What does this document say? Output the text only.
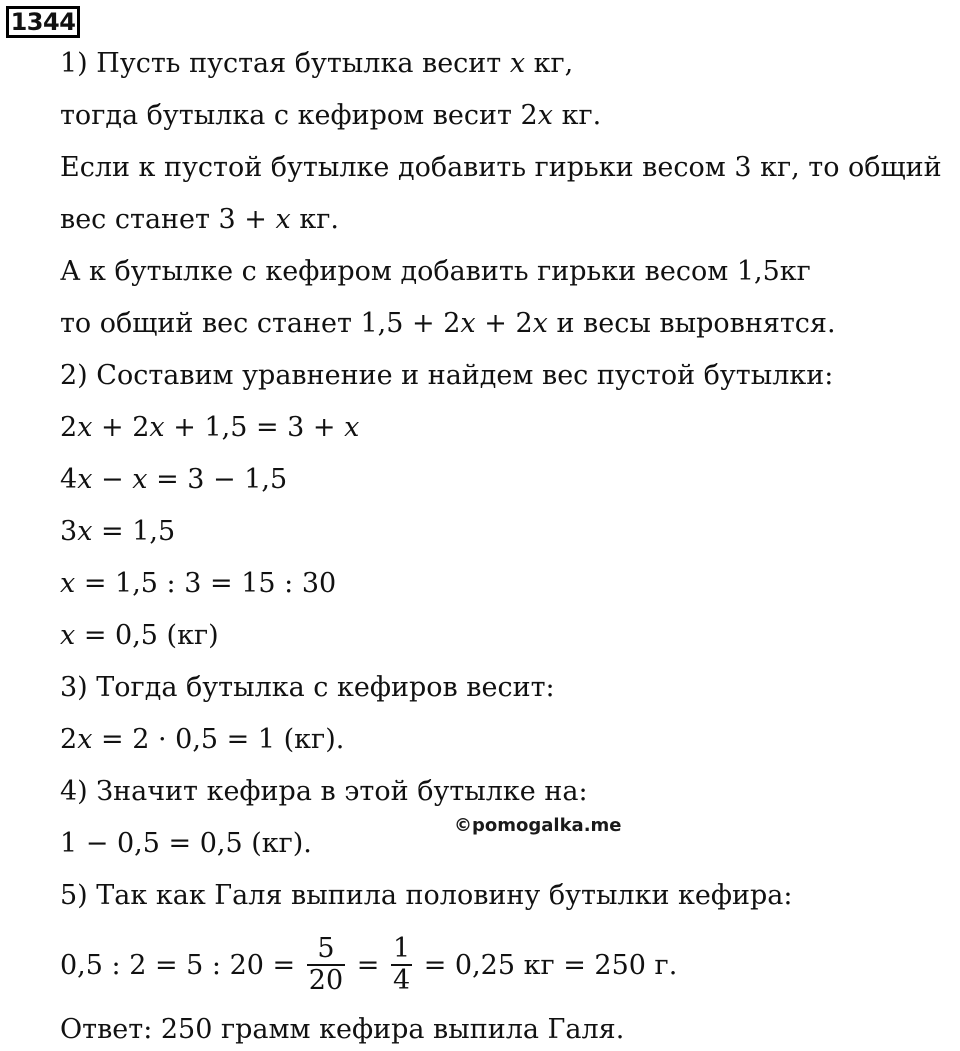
1344
1) Пусть пустая бутылка весит x кг,
тогда бутылка с кефиром весит 2x кг.
Если к пустой бутылке добавить гирьки весом 3 кг, то общий
вес станет 3 + x кг.
А к бутылке с кефиром добавить гирьки весом 1,5кг
то общий вес станет 1,5 + 2x + 2x и весы выровнятся.
2) Составим уравнение и найдем вес пустой бутылки:
2x + 2x + 1,5 = 3 + x
4x − x = 3 − 1,5
3x = 1,5
x = 1,5 : 3 = 15 : 30
x = 0,5 (кг)
3) Тогда бутылка с кефиров весит:
2x = 2 · 0,5 = 1 (кг).
4) Значит кефира в этой бутылке на:
1 − 0,5 = 0,5 (кг).
©pomogalka.me
5) Так как Галя выпила половину бутылки кефира:
0,5 : 2 = 5 : $20 = \frac{5}{20} = \frac{1}{4} = 0,25$ кг = 250 г.
Ответ: 250 грамм кефира выпила Галя.
